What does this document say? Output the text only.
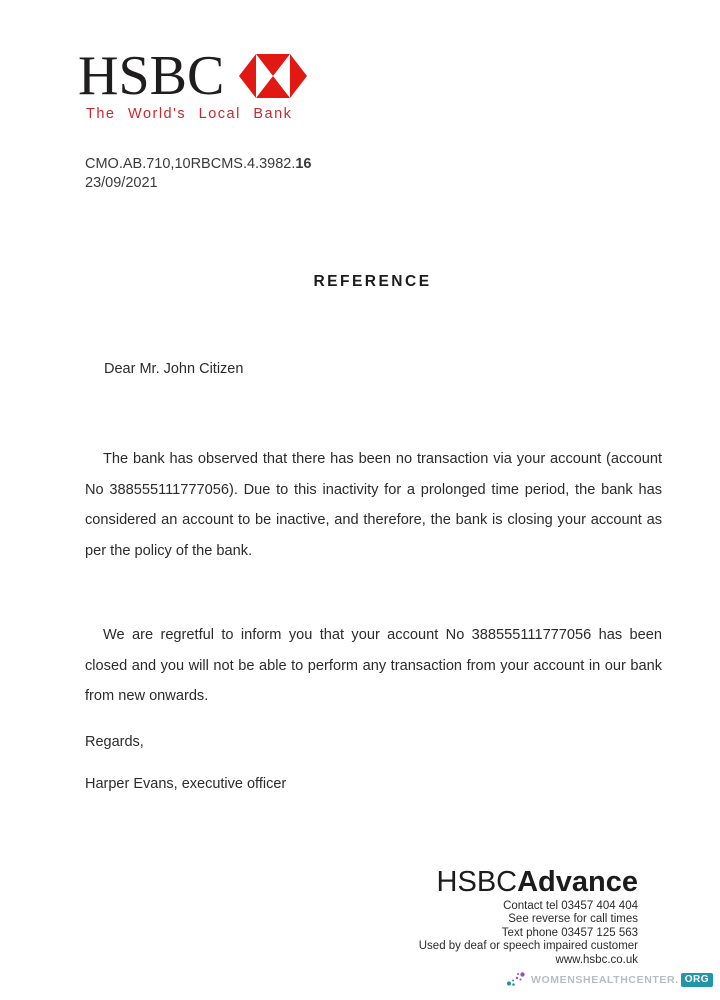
HSBC
The World's Local Bank
CMO.AB.710,10RBCMS.4.3982.16
23/09/2021
REFERENCE
Dear Mr. John Citizen

The bank has observed that there has been no transaction via your account (account No 388555111777056). Due to this inactivity for a prolonged time period, the bank has considered an account to be inactive, and therefore, the bank is closing your account as per the policy of the bank.

We are regretful to inform you that your account No 388555111777056 has been closed and you will not be able to perform any transaction from your account in our bank from new onwards.

Regards,
Harper Evans, executive officer
HSBCAdvance
Contact tel 03457 404 404
See reverse for call times
Text phone 03457 125 563
Used by deaf or speech impaired customer
www.hsbc.co.uk
WOMENSHEALTHCENTER. ORG
